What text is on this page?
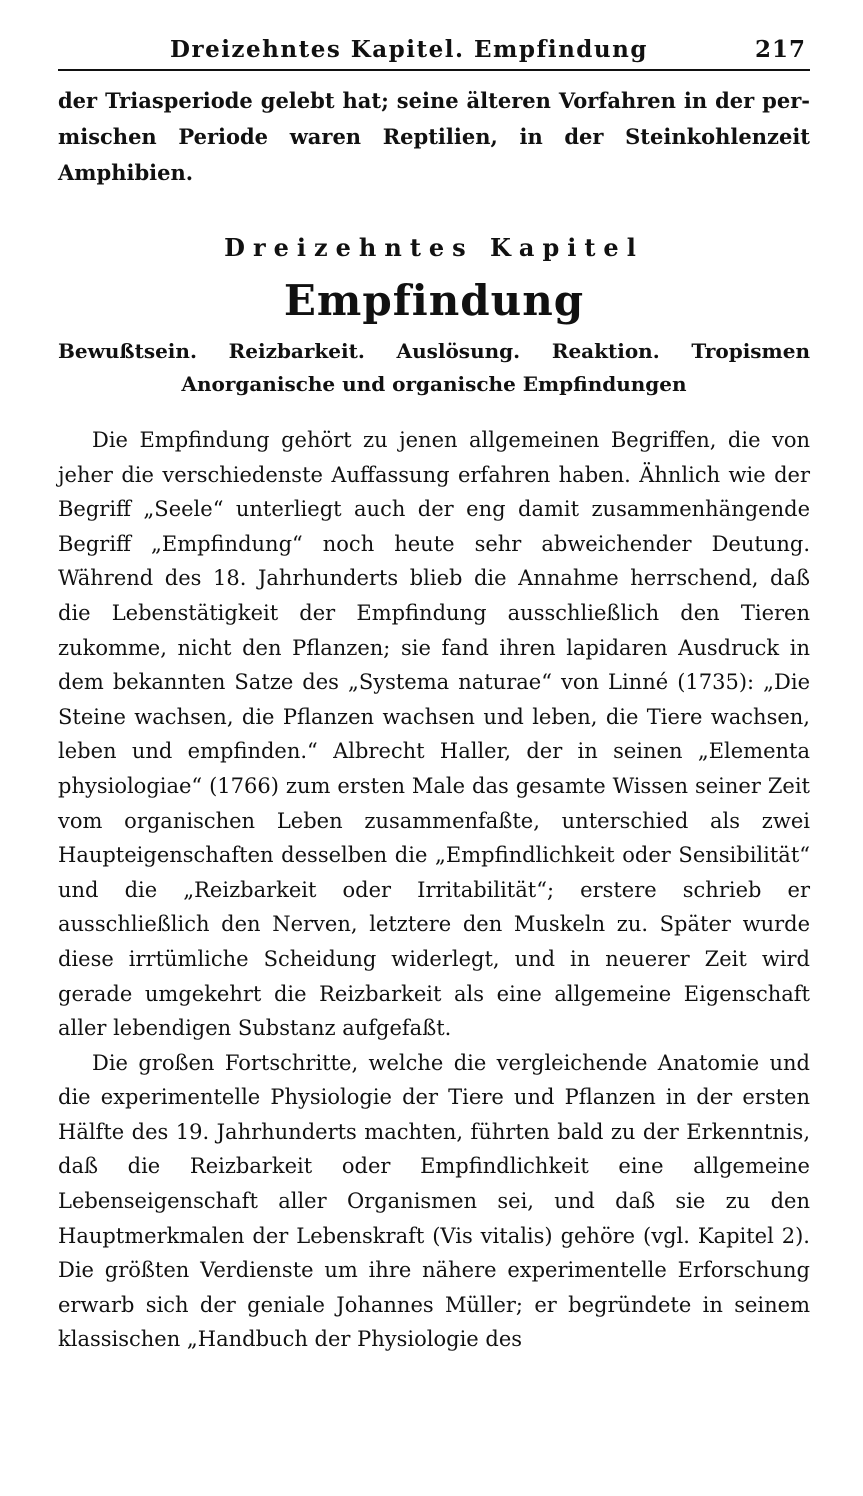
Dreizehntes Kapitel. Empfindung	217
der Triasperiode gelebt hat; seine älteren Vorfahren in der per-
mischen Periode waren Reptilien, in der Steinkohlenzeit Amphibien.
Dreizehntes Kapitel
Empfindung
Bewußtsein. Reizbarkeit. Auslösung. Reaktion. Tropismen
Anorganische und organische Empfindungen

Die Empfindung gehört zu jenen allgemeinen Begriffen, die von jeher die verschiedenste Auffassung erfahren haben. Ähnlich wie der Begriff „Seele“ unterliegt auch der eng damit zusammenhängende Begriff „Empfindung“ noch heute sehr abweichender Deutung. Während des 18. Jahrhunderts blieb die Annahme herrschend, daß die Lebenstätigkeit der Empfindung ausschließlich den Tieren zukomme, nicht den Pflanzen; sie fand ihren lapidaren Ausdruck in dem bekannten Satze des „Systema naturae“ von Linné (1735): „Die Steine wachsen, die Pflanzen wachsen und leben, die Tiere wachsen, leben und empfinden.“ Albrecht Haller, der in seinen „Elementa physiologiae“ (1766) zum ersten Male das gesamte Wissen seiner Zeit vom organischen Leben zusammenfaßte, unterschied als zwei Haupteigenschaften desselben die „Empfindlichkeit oder Sensibilität“ und die „Reizbarkeit oder Irritabilität“; erstere schrieb er ausschließlich den Nerven, letztere den Muskeln zu. Später wurde diese irrtümliche Scheidung widerlegt, und in neuerer Zeit wird gerade umgekehrt die Reizbarkeit als eine allgemeine Eigenschaft aller lebendigen Substanz aufgefaßt.

Die großen Fortschritte, welche die vergleichende Anatomie und die experimentelle Physiologie der Tiere und Pflanzen in der ersten Hälfte des 19. Jahrhunderts machten, führten bald zu der Erkenntnis, daß die Reizbarkeit oder Empfindlichkeit eine allgemeine Lebenseigenschaft aller Organismen sei, und daß sie zu den Hauptmerkmalen der Lebenskraft (Vis vitalis) gehöre (vgl. Kapitel 2). Die größten Verdienste um ihre nähere experimentelle Erforschung erwarb sich der geniale Johannes Müller; er begründete in seinem klassischen „Handbuch der Physiologie des
